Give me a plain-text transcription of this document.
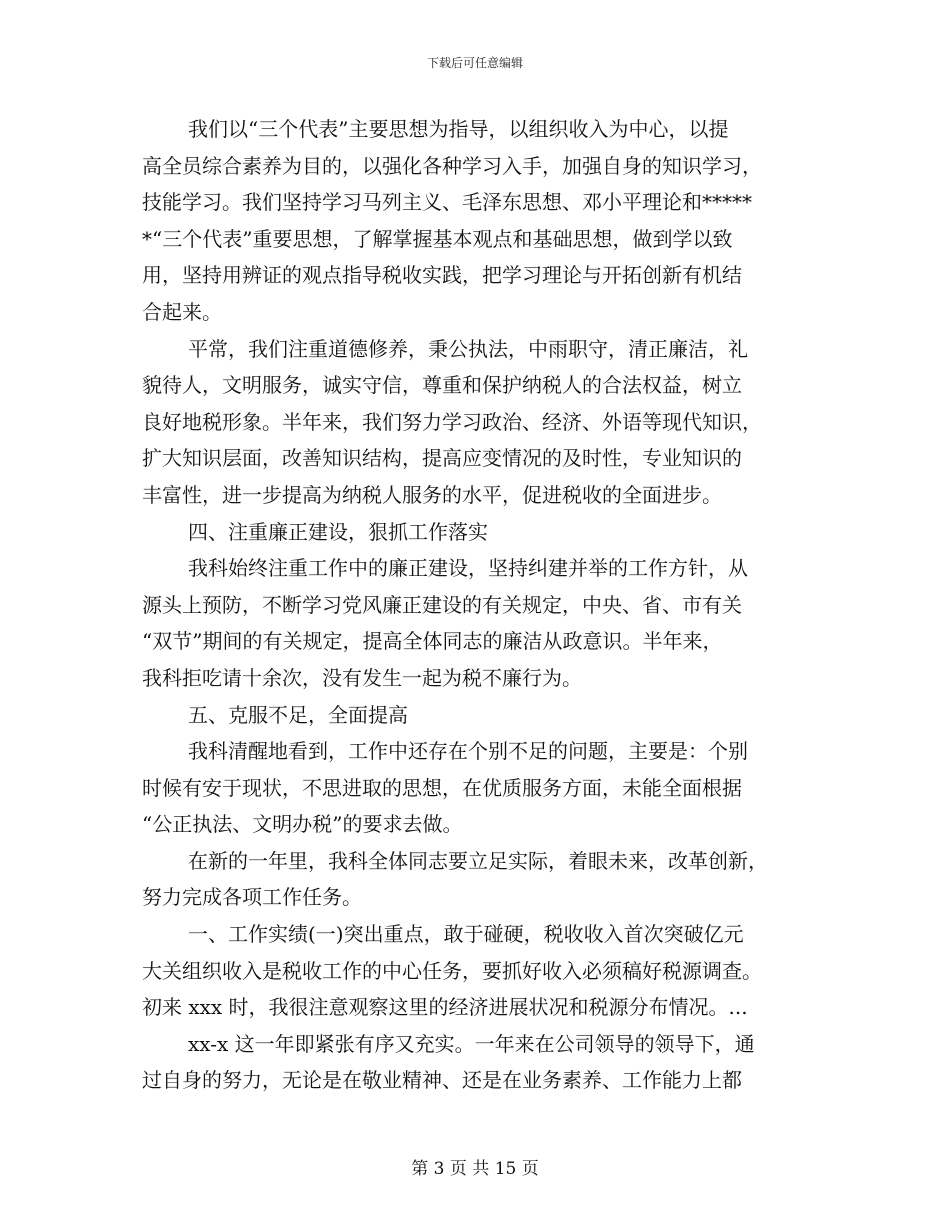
下载后可任意编辑
我们以“三个代表”主要思想为指导，以组织收入为中心，以提
高全员综合素养为目的，以强化各种学习入手，加强自身的知识学习，
技能学习。我们坚持学习马列主义、毛泽东思想、邓小平理论和*****
*“三个代表”重要思想，了解掌握基本观点和基础思想，做到学以致
用，坚持用辨证的观点指导税收实践，把学习理论与开拓创新有机结
合起来。
平常，我们注重道德修养，秉公执法，中雨职守，清正廉洁，礼
貌待人，文明服务，诚实守信，尊重和保护纳税人的合法权益，树立
良好地税形象。半年来，我们努力学习政治、经济、外语等现代知识，
扩大知识层面，改善知识结构，提高应变情况的及时性，专业知识的
丰富性，进一步提高为纳税人服务的水平，促进税收的全面进步。
四、注重廉正建设，狠抓工作落实
我科始终注重工作中的廉正建设，坚持纠建并举的工作方针，从
源头上预防，不断学习党风廉正建设的有关规定，中央、省、市有关
“双节”期间的有关规定，提高全体同志的廉洁从政意识。半年来，
我科拒吃请十余次，没有发生一起为税不廉行为。
五、克服不足，全面提高
我科清醒地看到，工作中还存在个别不足的问题，主要是：个别
时候有安于现状，不思进取的思想，在优质服务方面，未能全面根据
“公正执法、文明办税”的要求去做。
在新的一年里，我科全体同志要立足实际，着眼未来，改革创新，
努力完成各项工作任务。
一、工作实绩(一)突出重点，敢于碰硬，税收收入首次突破亿元
大关组织收入是税收工作的中心任务，要抓好收入必须稿好税源调查。
初来 xxx 时，我很注意观察这里的经济进展状况和税源分布情况。...
xx-x 这一年即紧张有序又充实。一年来在公司领导的领导下，通
过自身的努力，无论是在敬业精神、还是在业务素养、工作能力上都
第 3 页 共 15 页
